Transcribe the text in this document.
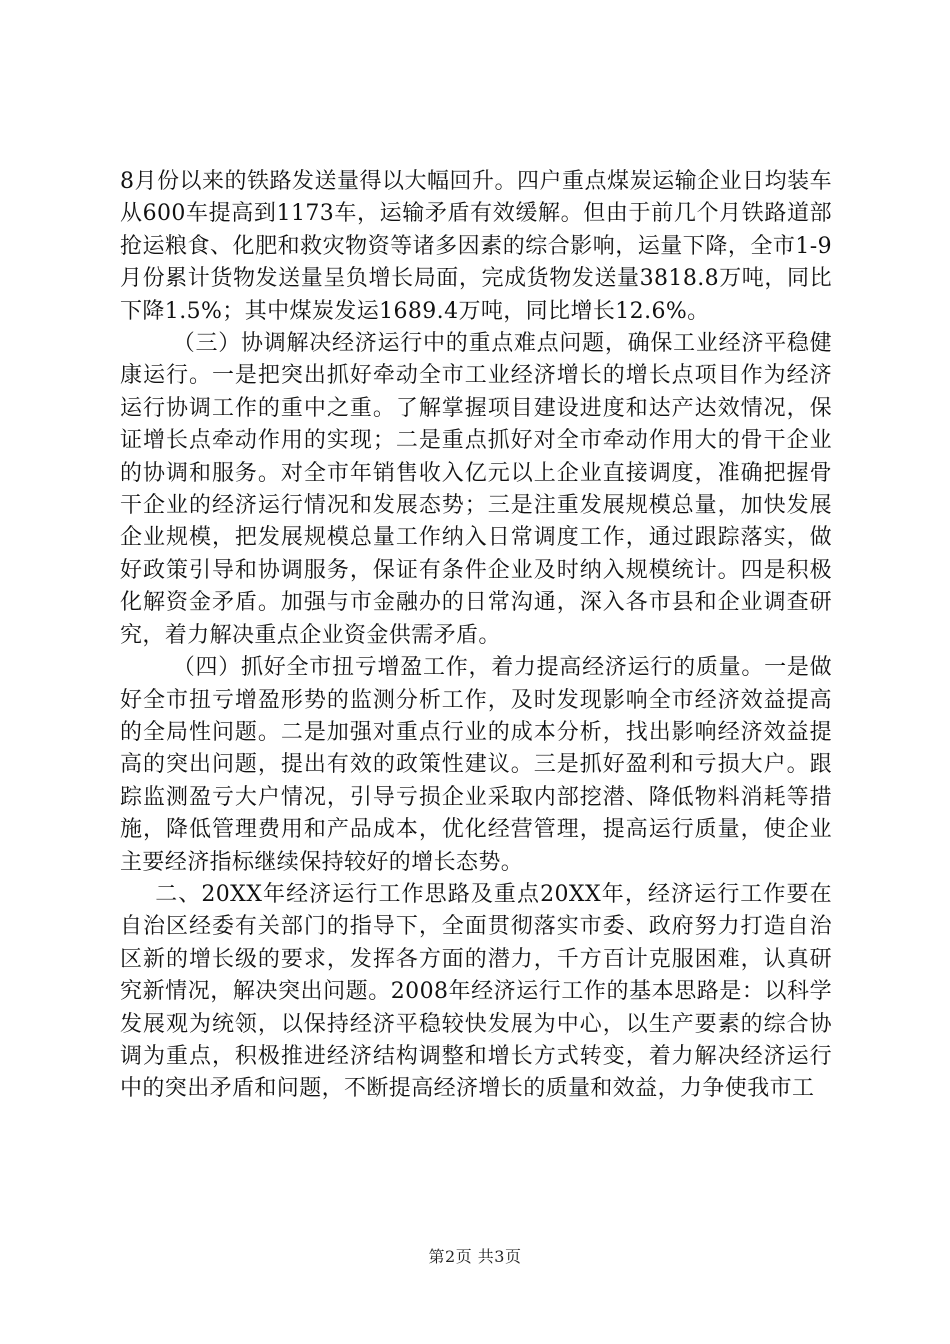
8月份以来的铁路发送量得以大幅回升。四户重点煤炭运输企业日均装车从600车提高到1173车，运输矛盾有效缓解。但由于前几个月铁路道部抢运粮食、化肥和救灾物资等诸多因素的综合影响，运量下降，全市1-9月份累计货物发送量呈负增长局面，完成货物发送量3818.8万吨，同比下降1.5%；其中煤炭发运1689.4万吨，同比增长12.6%。

（三）协调解决经济运行中的重点难点问题，确保工业经济平稳健康运行。一是把突出抓好牵动全市工业经济增长的增长点项目作为经济运行协调工作的重中之重。了解掌握项目建设进度和达产达效情况，保证增长点牵动作用的实现；二是重点抓好对全市牵动作用大的骨干企业的协调和服务。对全市年销售收入亿元以上企业直接调度，准确把握骨干企业的经济运行情况和发展态势；三是注重发展规模总量，加快发展企业规模，把发展规模总量工作纳入日常调度工作，通过跟踪落实，做好政策引导和协调服务，保证有条件企业及时纳入规模统计。四是积极化解资金矛盾。加强与市金融办的日常沟通，深入各市县和企业调查研究，着力解决重点企业资金供需矛盾。

（四）抓好全市扭亏增盈工作，着力提高经济运行的质量。一是做好全市扭亏增盈形势的监测分析工作，及时发现影响全市经济效益提高的全局性问题。二是加强对重点行业的成本分析，找出影响经济效益提高的突出问题，提出有效的政策性建议。三是抓好盈利和亏损大户。跟踪监测盈亏大户情况，引导亏损企业采取内部挖潜、降低物料消耗等措施，降低管理费用和产品成本，优化经营管理，提高运行质量，使企业主要经济指标继续保持较好的增长态势。

二、20XX年经济运行工作思路及重点20XX年，经济运行工作要在自治区经委有关部门的指导下，全面贯彻落实市委、政府努力打造自治区新的增长级的要求，发挥各方面的潜力，千方百计克服困难，认真研究新情况，解决突出问题。2008年经济运行工作的基本思路是：以科学发展观为统领，以保持经济平稳较快发展为中心，以生产要素的综合协调为重点，积极推进经济结构调整和增长方式转变，着力解决经济运行中的突出矛盾和问题，不断提高经济增长的质量和效益，力争使我市工

第2页 共3页
